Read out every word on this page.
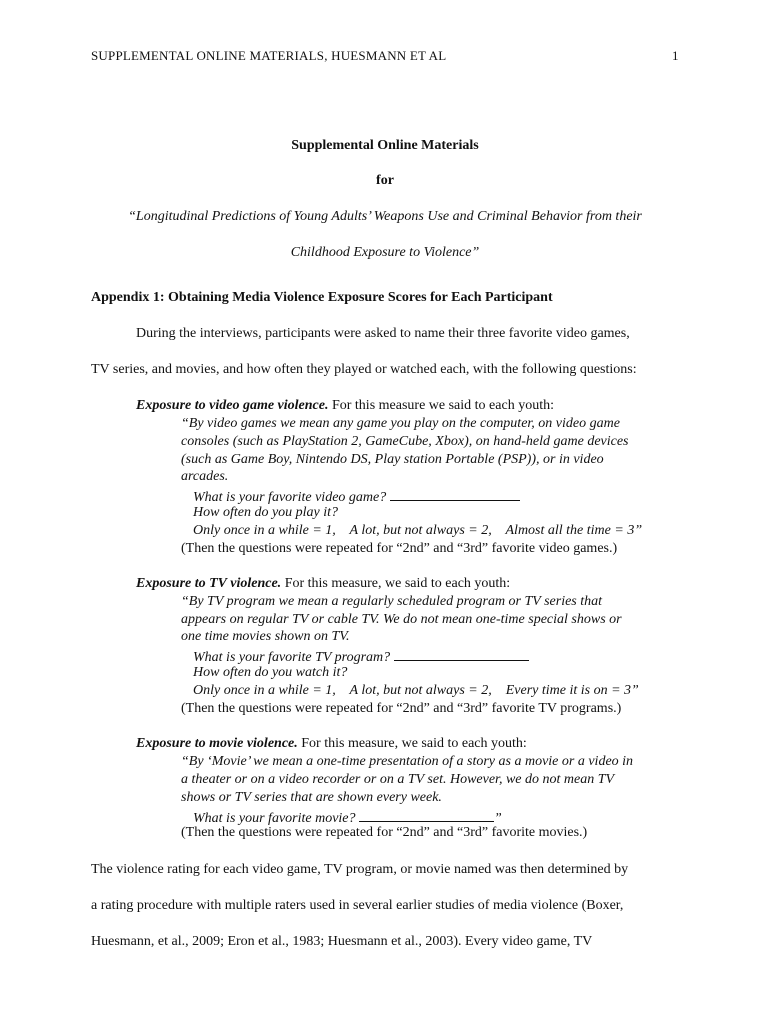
SUPPLEMENTAL ONLINE MATERIALS, HUESMANN ET AL	1
Supplemental Online Materials
for
“Longitudinal Predictions of Young Adults’ Weapons Use and Criminal Behavior from their
Childhood Exposure to Violence”
Appendix 1: Obtaining Media Violence Exposure Scores for Each Participant
During the interviews, participants were asked to name their three favorite video games,
TV series, and movies, and how often they played or watched each, with the following questions:
Exposure to video game violence. For this measure we said to each youth:
“By video games we mean any game you play on the computer, on video game
consoles (such as PlayStation 2, GameCube, Xbox), on hand-held game devices
(such as Game Boy, Nintendo DS, Play station Portable (PSP)), or in video
arcades.
What is your favorite video game?
How often do you play it?
Only once in a while = 1,    A lot, but not always = 2,    Almost all the time = 3”
(Then the questions were repeated for “2nd” and “3rd” favorite video games.)
Exposure to TV violence. For this measure, we said to each youth:
“By TV program we mean a regularly scheduled program or TV series that
appears on regular TV or cable TV. We do not mean one-time special shows or
one time movies shown on TV.
What is your favorite TV program?
How often do you watch it?
Only once in a while = 1,    A lot, but not always = 2,    Every time it is on = 3”
(Then the questions were repeated for “2nd” and “3rd” favorite TV programs.)
Exposure to movie violence. For this measure, we said to each youth:
“By ‘Movie’ we mean a one-time presentation of a story as a movie or a video in
a theater or on a video recorder or on a TV set. However, we do not mean TV
shows or TV series that are shown every week.
What is your favorite movie?	”
(Then the questions were repeated for “2nd” and “3rd” favorite movies.)
The violence rating for each video game, TV program, or movie named was then determined by
a rating procedure with multiple raters used in several earlier studies of media violence (Boxer,
Huesmann, et al., 2009; Eron et al., 1983; Huesmann et al., 2003). Every video game, TV
